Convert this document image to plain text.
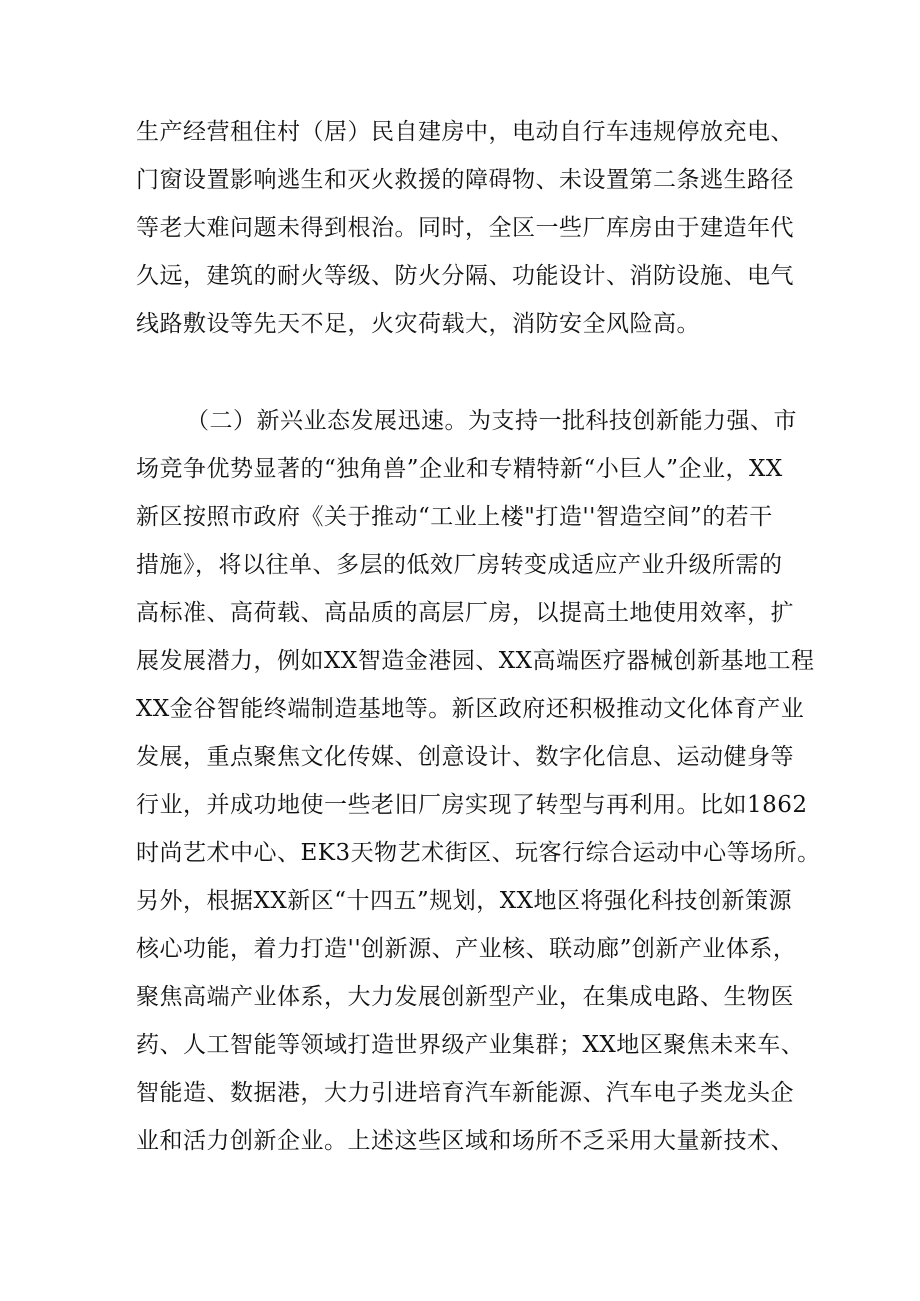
生产经营租住村（居）民自建房中，电动自行车违规停放充电、
门窗设置影响逃生和灭火救援的障碍物、未设置第二条逃生路径
等老大难问题未得到根治。同时，全区一些厂库房由于建造年代
久远，建筑的耐火等级、防火分隔、功能设计、消防设施、电气
线路敷设等先天不足，火灾荷载大，消防安全风险高。
（二）新兴业态发展迅速。为支持一批科技创新能力强、市
场竞争优势显著的“独角兽”企业和专精特新“小巨人”企业，XX
新区按照市政府《关于推动“工业上楼"打造''智造空间”的若干
措施》，将以往单、多层的低效厂房转变成适应产业升级所需的
高标准、高荷载、高品质的高层厂房，以提高土地使用效率，扩
展发展潜力，例如XX智造金港园、XX高端医疗器械创新基地工程
XX金谷智能终端制造基地等。新区政府还积极推动文化体育产业
发展，重点聚焦文化传媒、创意设计、数字化信息、运动健身等
行业，并成功地使一些老旧厂房实现了转型与再利用。比如1862
时尚艺术中心、EK3天物艺术街区、玩客行综合运动中心等场所。
另外，根据XX新区“十四五”规划，XX地区将强化科技创新策源
核心功能，着力打造''创新源、产业核、联动廊”创新产业体系，
聚焦高端产业体系，大力发展创新型产业，在集成电路、生物医
药、人工智能等领域打造世界级产业集群；XX地区聚焦未来车、
智能造、数据港，大力引进培育汽车新能源、汽车电子类龙头企
业和活力创新企业。上述这些区域和场所不乏采用大量新技术、
